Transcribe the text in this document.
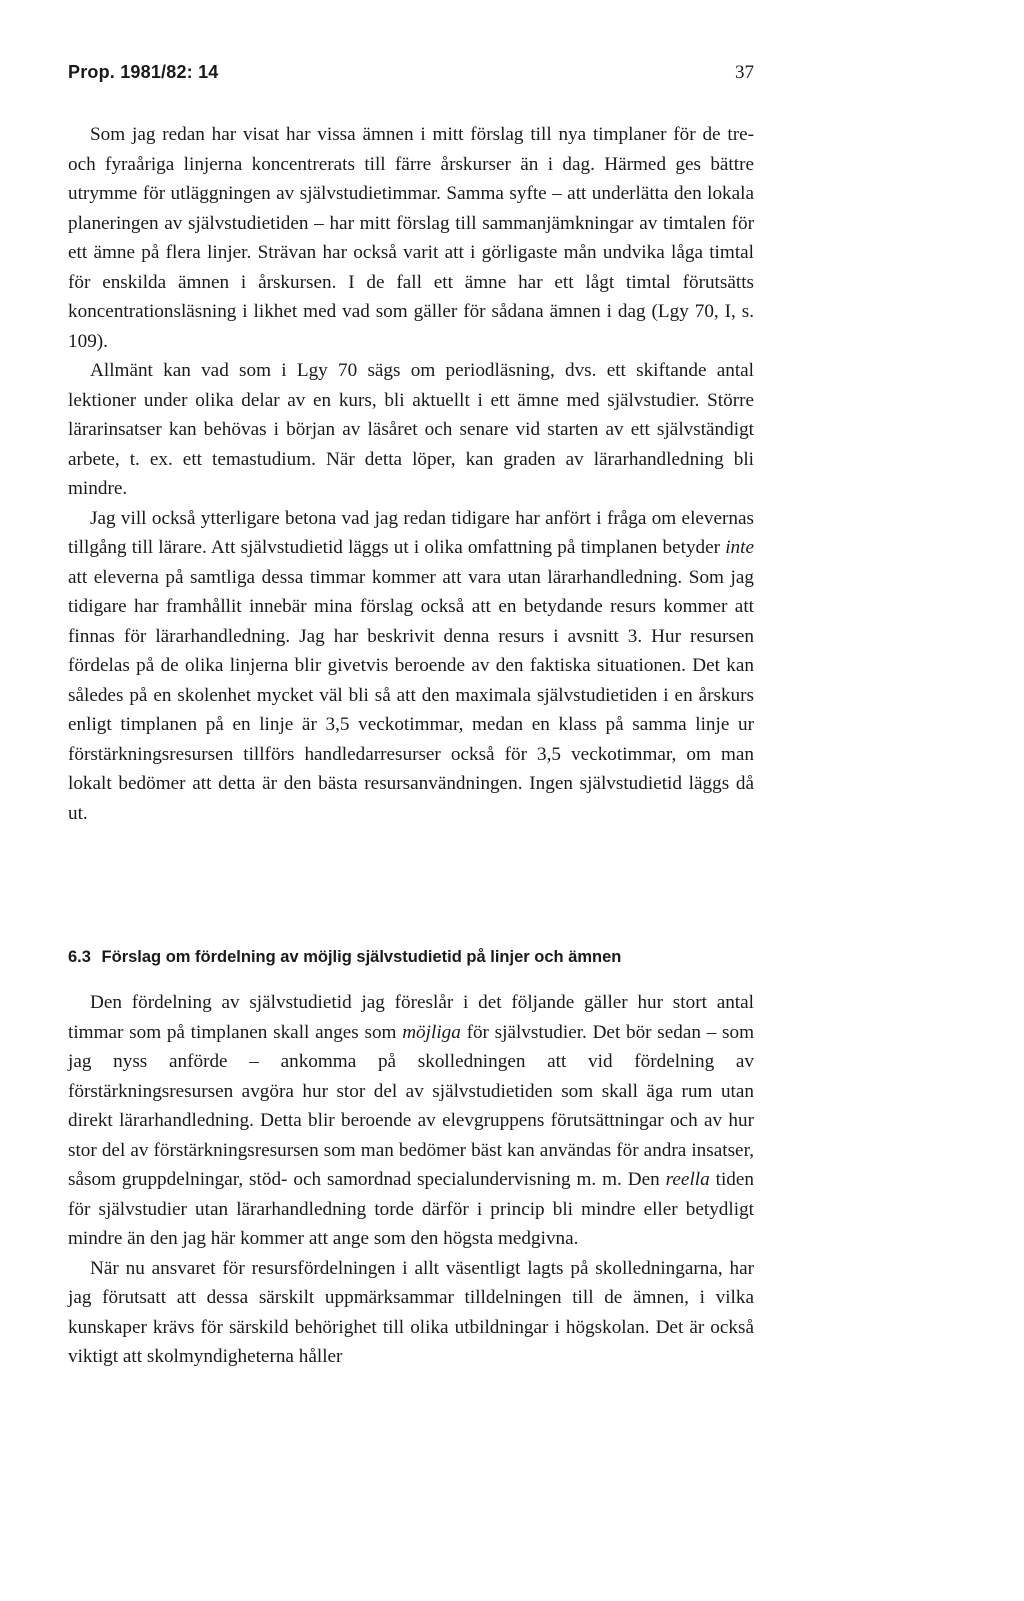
Prop. 1981/82: 14	37

Som jag redan har visat har vissa ämnen i mitt förslag till nya timplaner för de tre- och fyraåriga linjerna koncentrerats till färre årskurser än i dag. Härmed ges bättre utrymme för utläggningen av självstudietimmar. Samma syfte – att underlätta den lokala planeringen av självstudietiden – har mitt förslag till sammanjämkningar av timtalen för ett ämne på flera linjer. Strävan har också varit att i görligaste mån undvika låga timtal för enskilda ämnen i årskursen. I de fall ett ämne har ett lågt timtal förutsätts koncentrationsläsning i likhet med vad som gäller för sådana ämnen i dag (Lgy 70, I, s. 109).

Allmänt kan vad som i Lgy 70 sägs om periodläsning, dvs. ett skiftande antal lektioner under olika delar av en kurs, bli aktuellt i ett ämne med självstudier. Större lärarinsatser kan behövas i början av läsåret och senare vid starten av ett självständigt arbete, t. ex. ett temastudium. När detta löper, kan graden av lärarhandledning bli mindre.

Jag vill också ytterligare betona vad jag redan tidigare har anfört i fråga om elevernas tillgång till lärare. Att självstudietid läggs ut i olika omfattning på timplanen betyder inte att eleverna på samtliga dessa timmar kommer att vara utan lärarhandledning. Som jag tidigare har framhållit innebär mina förslag också att en betydande resurs kommer att finnas för lärarhandledning. Jag har beskrivit denna resurs i avsnitt 3. Hur resursen fördelas på de olika linjerna blir givetvis beroende av den faktiska situationen. Det kan således på en skolenhet mycket väl bli så att den maximala självstudietiden i en årskurs enligt timplanen på en linje är 3,5 veckotimmar, medan en klass på samma linje ur förstärkningsresursen tillförs handledarresurser också för 3,5 veckotimmar, om man lokalt bedömer att detta är den bästa resursanvändningen. Ingen självstudietid läggs då ut.

6.3 Förslag om fördelning av möjlig självstudietid på linjer och ämnen

Den fördelning av självstudietid jag föreslår i det följande gäller hur stort antal timmar som på timplanen skall anges som möjliga för självstudier. Det bör sedan – som jag nyss anförde – ankomma på skolledningen att vid fördelning av förstärkningsresursen avgöra hur stor del av självstudietiden som skall äga rum utan direkt lärarhandledning. Detta blir beroende av elevgruppens förutsättningar och av hur stor del av förstärkningsresursen som man bedömer bäst kan användas för andra insatser, såsom gruppdelningar, stöd- och samordnad specialundervisning m. m. Den reella tiden för självstudier utan lärarhandledning torde därför i princip bli mindre eller betydligt mindre än den jag här kommer att ange som den högsta medgivna.

När nu ansvaret för resursfördelningen i allt väsentligt lagts på skolledningarna, har jag förutsatt att dessa särskilt uppmärksammar tilldelningen till de ämnen, i vilka kunskaper krävs för särskild behörighet till olika utbildningar i högskolan. Det är också viktigt att skolmyndigheterna håller
